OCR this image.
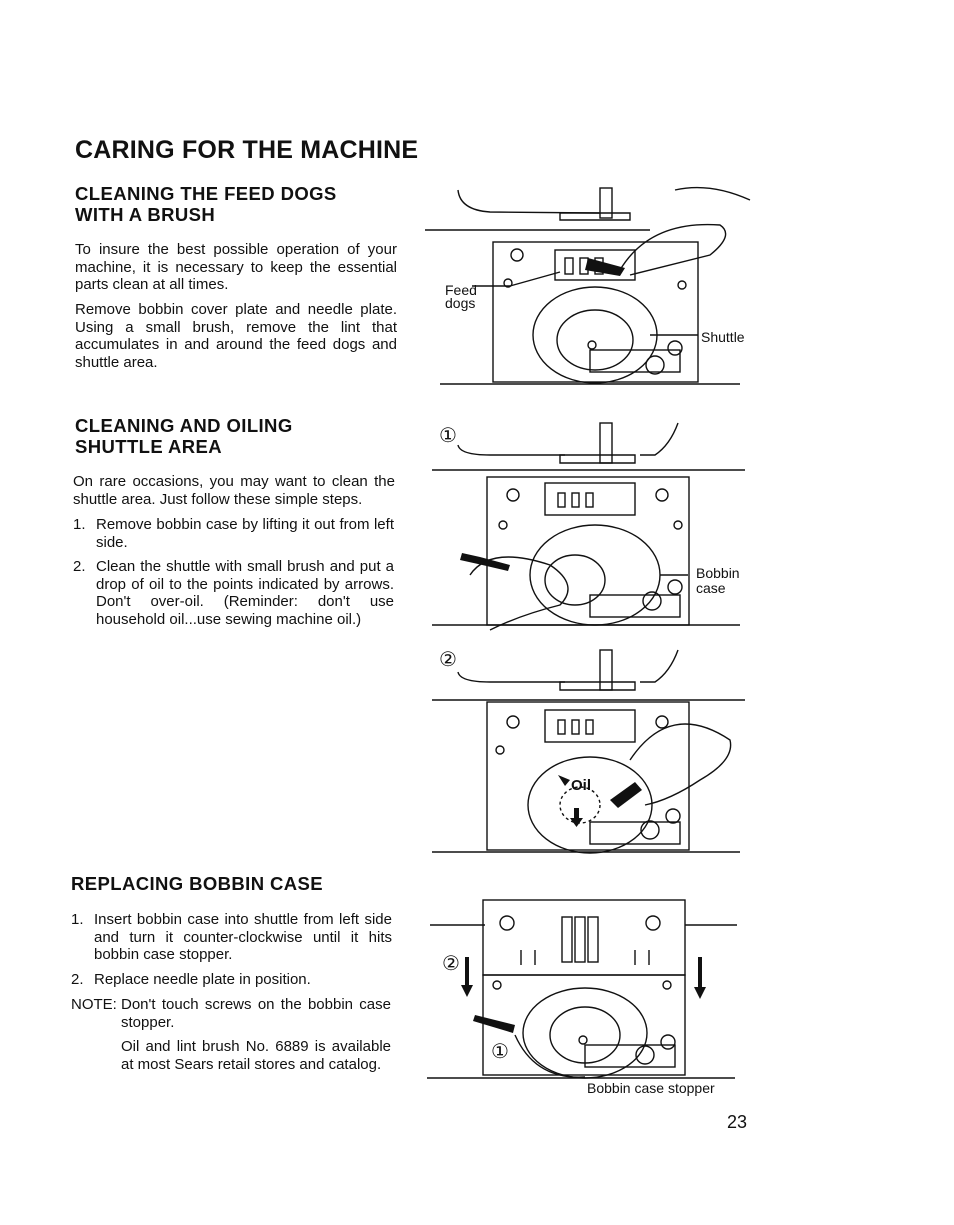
CARING FOR THE MACHINE
CLEANING THE FEED DOGS
WITH A BRUSH

To insure the best possible operation of your machine, it is necessary to keep the essential parts clean at all times.

Remove bobbin cover plate and needle plate. Using a small brush, remove the lint that accumulates in and around the feed dogs and shuttle area.

CLEANING AND OILING
SHUTTLE AREA

On rare occasions, you may want to clean the shuttle area. Just follow these simple steps.

1. Remove bobbin case by lifting it out from left side.
2. Clean the shuttle with small brush and put a drop of oil to the points indicated by arrows. Don't over-oil. (Reminder: don't use household oil...use sewing machine oil.)
REPLACING BOBBIN CASE
1. Insert bobbin case into shuttle from left side and turn it counter-clockwise until it hits bobbin case stopper.
2. Replace needle plate in position.
NOTE: Don't touch screws on the bobbin case stopper.

Oil and lint brush No. 6889 is available at most Sears retail stores and catalog.

23
Feed
dogs
Shuttle
①
Bobbin
case
②
Oil
②
①
Bobbin case stopper
